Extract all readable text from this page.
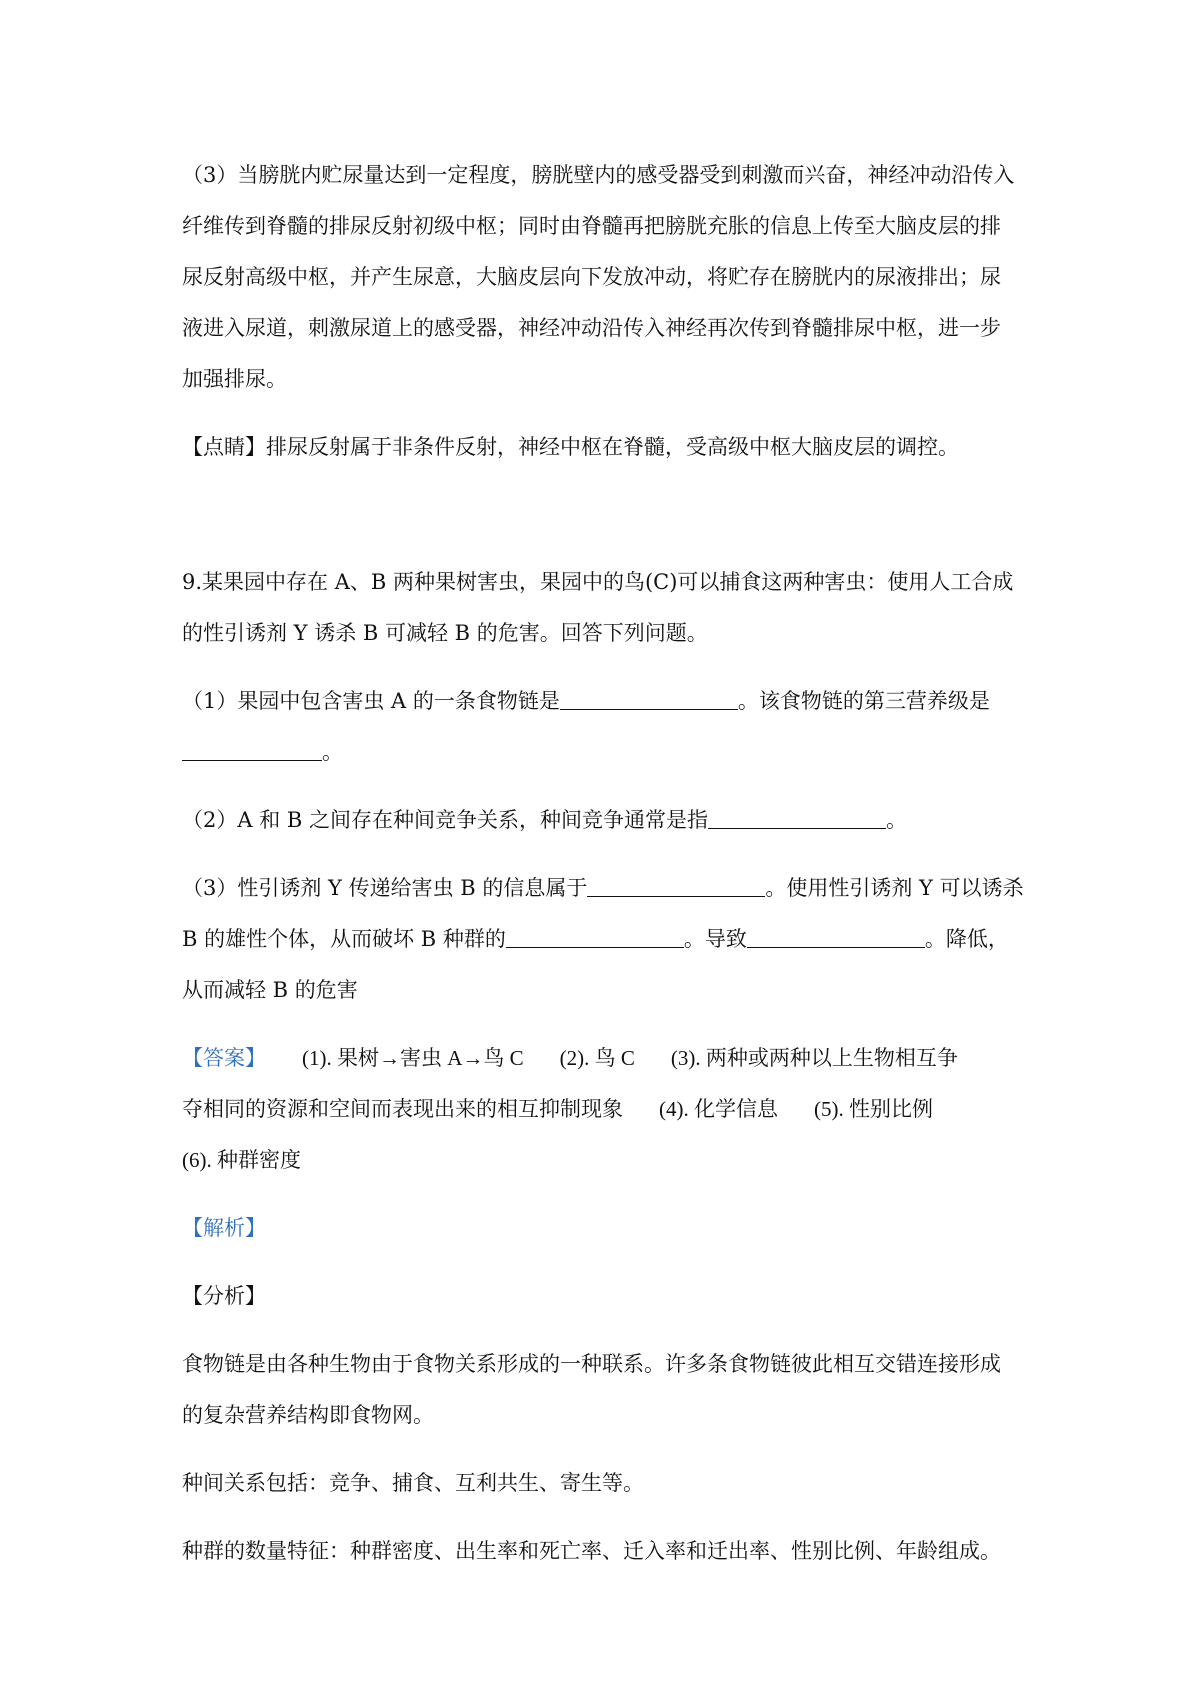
（3）当膀胱内贮尿量达到一定程度，膀胱壁内的感受器受到刺激而兴奋，神经冲动沿传入

纤维传到脊髓的排尿反射初级中枢；同时由脊髓再把膀胱充胀的信息上传至大脑皮层的排

尿反射高级中枢，并产生尿意，大脑皮层向下发放冲动，将贮存在膀胱内的尿液排出；尿

液进入尿道，刺激尿道上的感受器，神经冲动沿传入神经再次传到脊髓排尿中枢，进一步

加强排尿。

【点睛】排尿反射属于非条件反射，神经中枢在脊髓，受高级中枢大脑皮层的调控。

9.某果园中存在 A、B 两种果树害虫，果园中的鸟(C)可以捕食这两种害虫：使用人工合成

的性引诱剂 Y 诱杀 B 可减轻 B 的危害。回答下列问题。

（1）果园中包含害虫 A 的一条食物链是	。该食物链的第三营养级是

。

（2）A 和 B 之间存在种间竞争关系，种间竞争通常是指	。

（3）性引诱剂 Y 传递给害虫 B 的信息属于	。使用性引诱剂 Y 可以诱杀

B 的雄性个体，从而破坏 B 种群的	。导致	。降低，

从而减轻 B 的危害

【答案】 (1). 果树→害虫 A→鸟 C (2). 鸟 C (3). 两种或两种以上生物相互争

夺相同的资源和空间而表现出来的相互抑制现象 (4). 化学信息 (5). 性别比例

(6). 种群密度

【解析】

【分析】

食物链是由各种生物由于食物关系形成的一种联系。许多条食物链彼此相互交错连接形成

的复杂营养结构即食物网。

种间关系包括：竞争、捕食、互利共生、寄生等。

种群的数量特征：种群密度、出生率和死亡率、迁入率和迁出率、性别比例、年龄组成。
